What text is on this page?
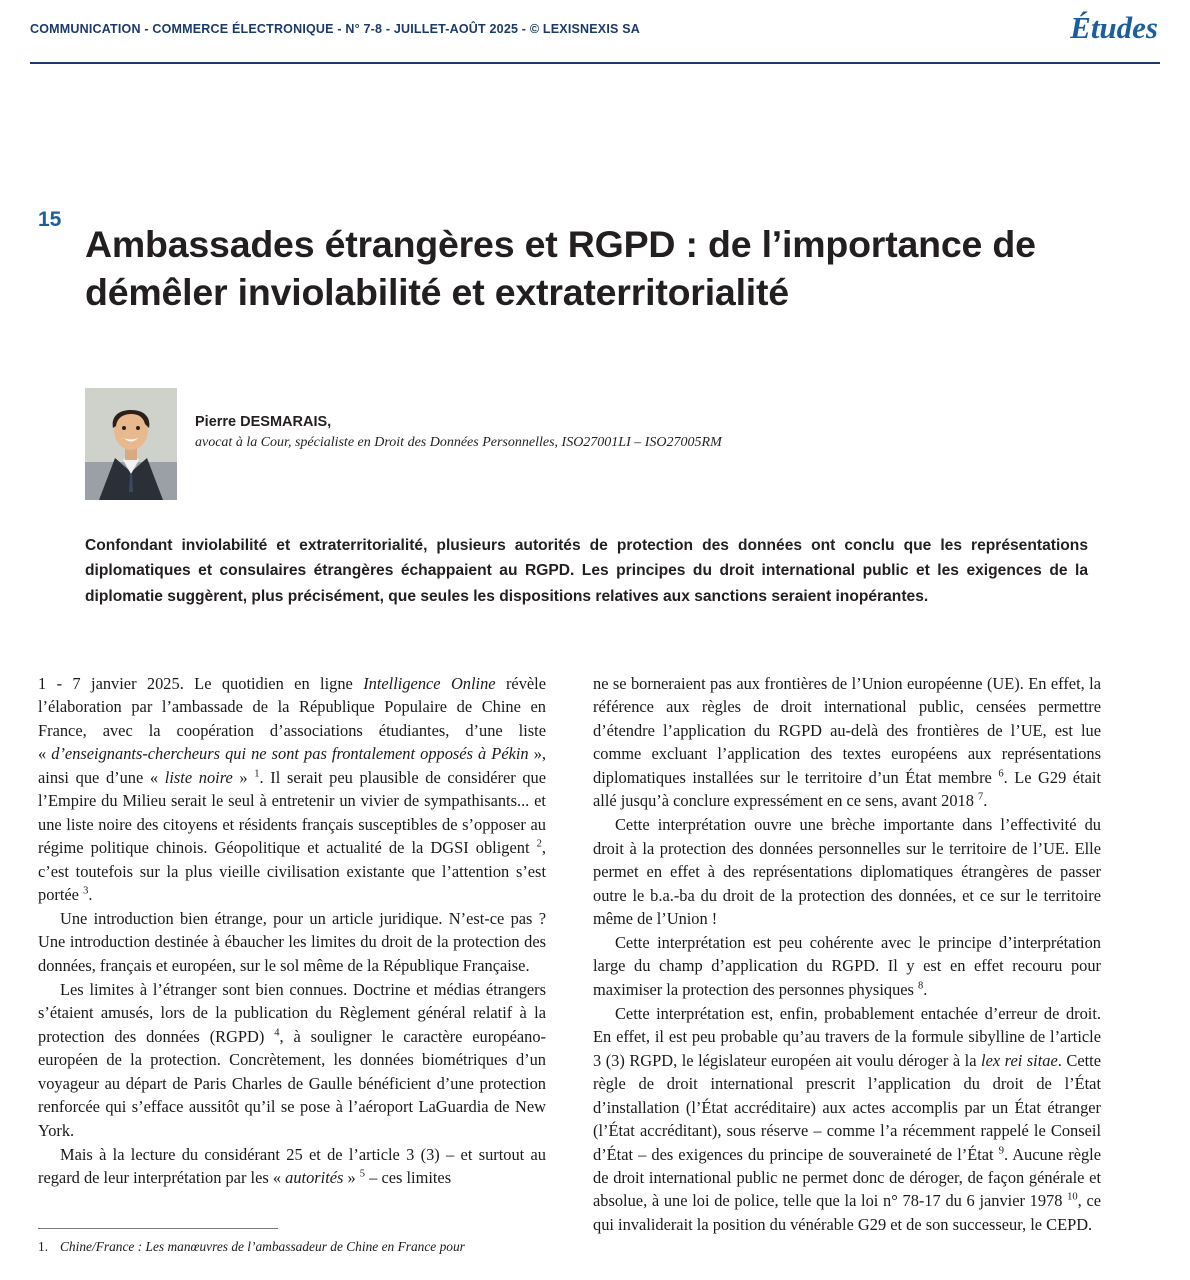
COMMUNICATION - COMMERCE ÉLECTRONIQUE - N° 7-8 - JUILLET-AOÛT 2025 - © LEXISNEXIS SA	Études
15
Ambassades étrangères et RGPD : de l’importance de démêler inviolabilité et extraterritorialité
Pierre DESMARAIS,
avocat à la Cour, spécialiste en Droit des Données Personnelles, ISO27001LI – ISO27005RM
Confondant inviolabilité et extraterritorialité, plusieurs autorités de protection des données ont conclu que les représentations diplomatiques et consulaires étrangères échappaient au RGPD. Les principes du droit international public et les exigences de la diplomatie suggèrent, plus précisément, que seules les dispositions relatives aux sanctions seraient inopérantes.

1 - 7 janvier 2025. Le quotidien en ligne Intelligence Online révèle l’élaboration par l’ambassade de la République Populaire de Chine en France, avec la coopération d’associations étudiantes, d’une liste « d’enseignants-chercheurs qui ne sont pas frontalement opposés à Pékin », ainsi que d’une « liste noire » $^1$. Il serait peu plausible de considérer que l’Empire du Milieu serait le seul à entretenir un vivier de sympathisants... et une liste noire des citoyens et résidents français susceptibles de s’opposer au régime politique chinois. Géopolitique et actualité de la DGSI obligent $^2$, c’est toutefois sur la plus vieille civilisation existante que l’attention s’est portée $^3$.

Une introduction bien étrange, pour un article juridique. N’est-ce pas ? Une introduction destinée à ébaucher les limites du droit de la protection des données, français et européen, sur le sol même de la République Française.

Les limites à l’étranger sont bien connues. Doctrine et médias étrangers s’étaient amusés, lors de la publication du Règlement général relatif à la protection des données (RGPD) $^4$, à souligner le caractère européano-européen de la protection. Concrètement, les données biométriques d’un voyageur au départ de Paris Charles de Gaulle bénéficient d’une protection renforcée qui s’efface aussitôt qu’il se pose à l’aéroport LaGuardia de New York.

Mais à la lecture du considérant 25 et de l’article 3 (3) – et surtout au regard de leur interprétation par les « autorités » $^5$ – ces limites

ne se borneraient pas aux frontières de l’Union européenne (UE). En effet, la référence aux règles de droit international public, censées permettre d’étendre l’application du RGPD au-delà des frontières de l’UE, est lue comme excluant l’application des textes européens aux représentations diplomatiques installées sur le territoire d’un État membre $^6$. Le G29 était allé jusqu’à conclure expressément en ce sens, avant 2018 $^7$.

Cette interprétation ouvre une brèche importante dans l’effectivité du droit à la protection des données personnelles sur le territoire de l’UE. Elle permet en effet à des représentations diplomatiques étrangères de passer outre le b.a.-ba du droit de la protection des données, et ce sur le territoire même de l’Union !

Cette interprétation est peu cohérente avec le principe d’interprétation large du champ d’application du RGPD. Il y est en effet recouru pour maximiser la protection des personnes physiques $^8$.

Cette interprétation est, enfin, probablement entachée d’erreur de droit. En effet, il est peu probable qu’au travers de la formule sibylline de l’article 3 (3) RGPD, le législateur européen ait voulu déroger à la lex rei sitae. Cette règle de droit international prescrit l’application du droit de l’État d’installation (l’État accréditaire) aux actes accomplis par un État étranger (l’État accréditant), sous réserve – comme l’a récemment rappelé le Conseil d’État – des exigences du principe de souveraineté de l’État $^9$. Aucune règle de droit international public ne permet donc de déroger, de façon générale et absolue, à une loi de police, telle que la loi n° 78-17 du 6 janvier 1978 $^{10}$, ce qui invaliderait la position du vénérable G29 et de son successeur, le CEPD.

1. Chine/France : Les manœuvres de l’ambassadeur de Chine en France pour
